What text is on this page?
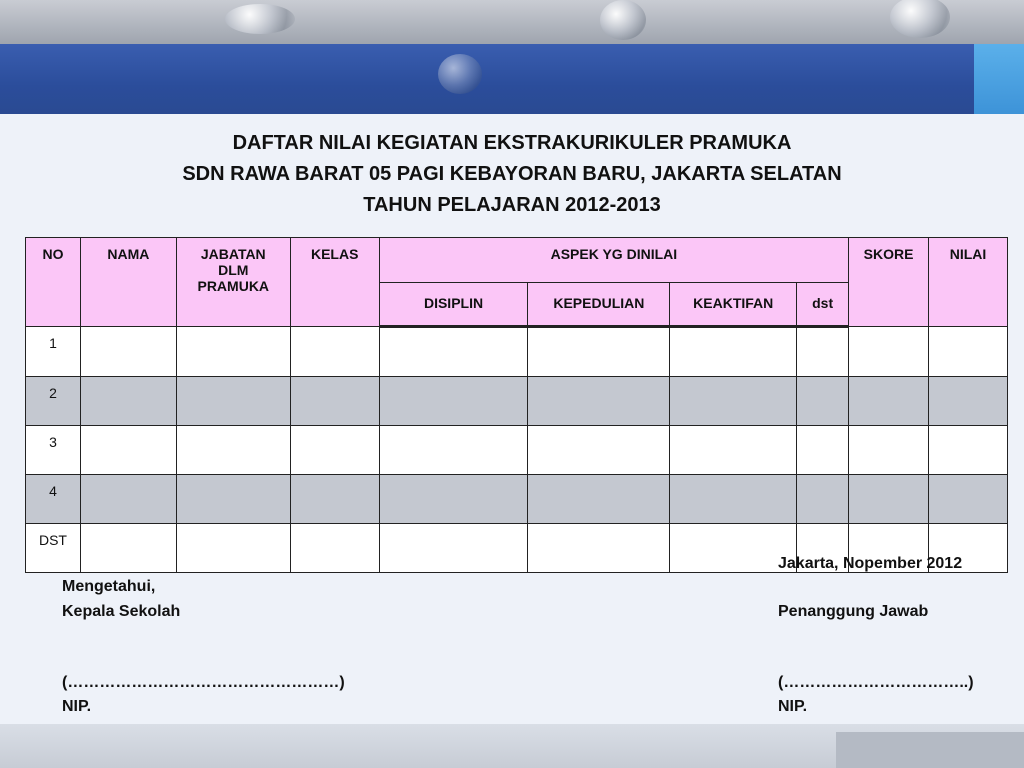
DAFTAR NILAI KEGIATAN EKSTRAKURIKULER PRAMUKA
SDN RAWA BARAT 05 PAGI KEBAYORAN BARU, JAKARTA SELATAN
TAHUN PELAJARAN 2012-2013
NO	NAMA	JABATAN DLM PRAMUKA	KELAS	ASPEK YG DINILAI				SKORE	NILAI
				DISIPLIN	KEPEDULIAN	KEAKTIFAN	dst		
1									
2									
3									
4									
DST									
Jakarta, Nopember 2012
Mengetahui,
Kepala Sekolah	Penanggung Jawab
(……………………………………………)	(……………………………..)
NIP.	NIP.
